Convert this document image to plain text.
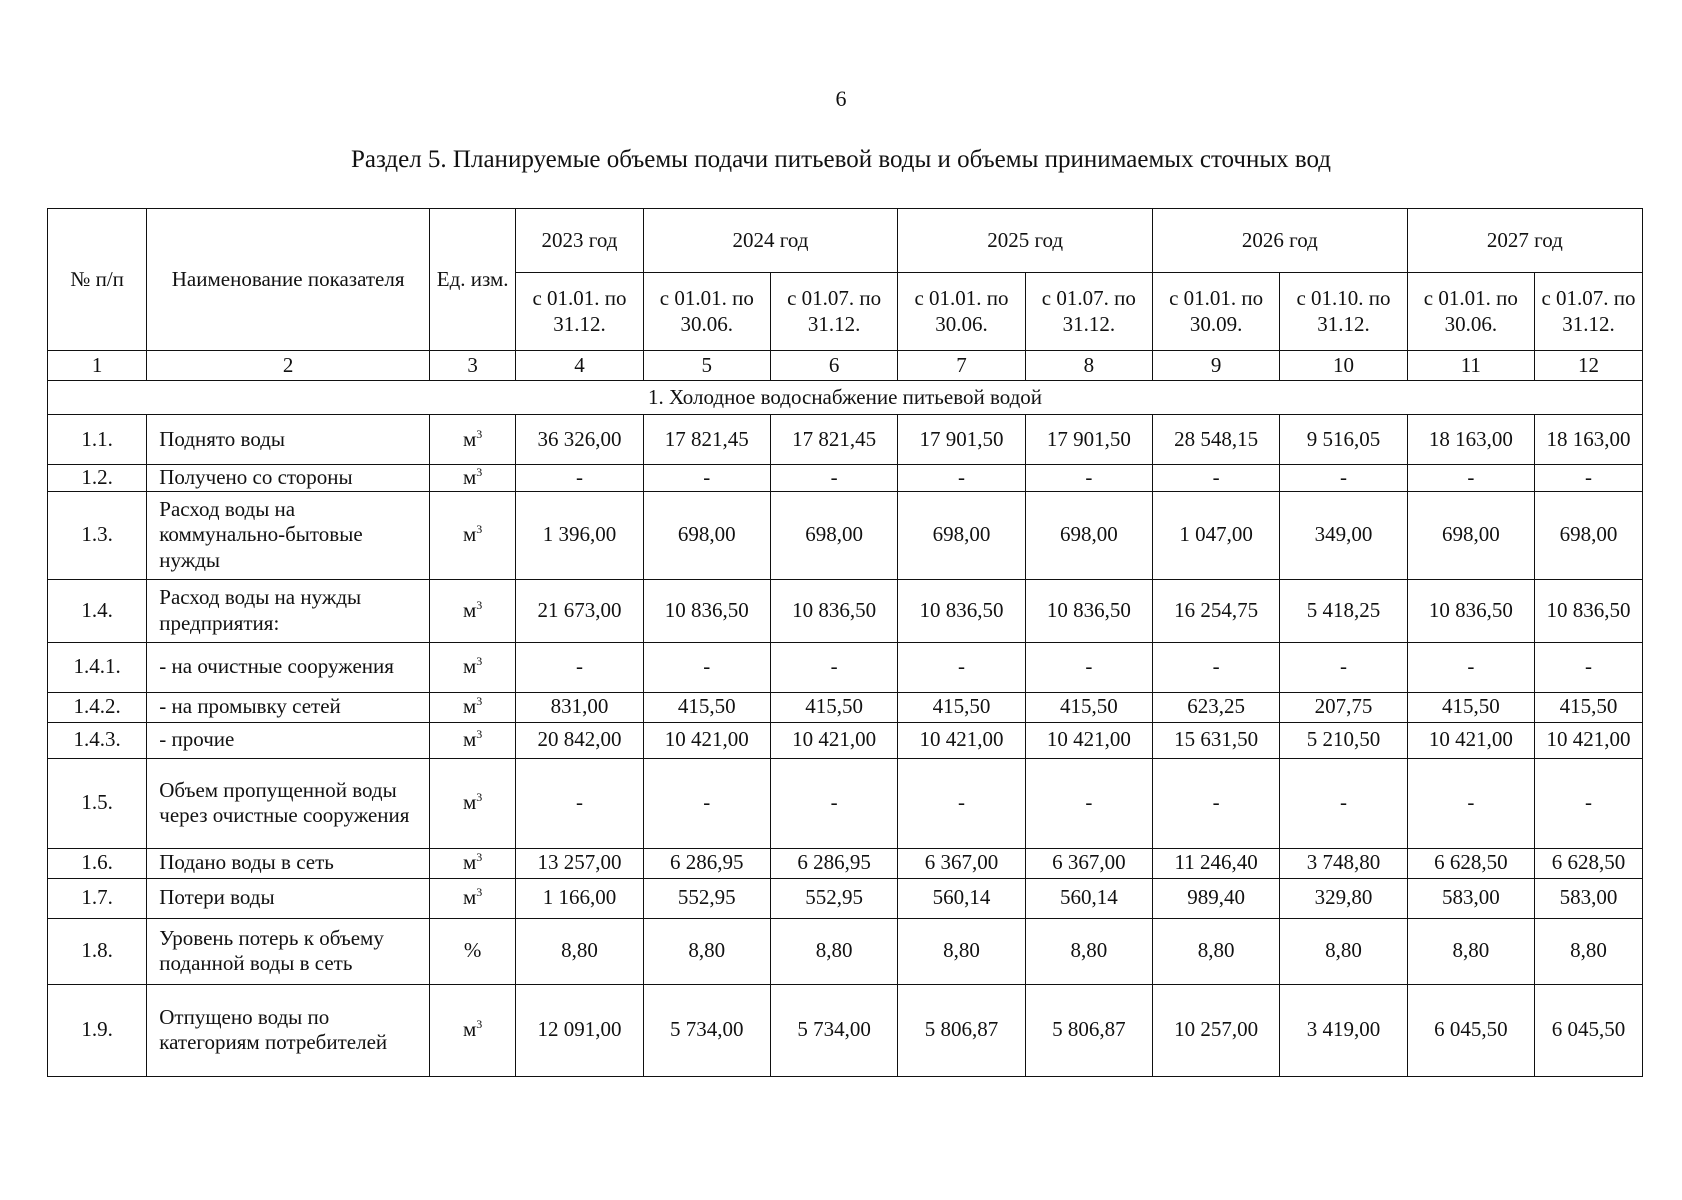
6
Раздел 5. Планируемые объемы подачи питьевой воды и объемы принимаемых сточных вод
№ п/п	Наименование показателя	Ед. изм.	2023 год	2024 год		2025 год		2026 год		2027 год	
			с 01.01. по 31.12.	с 01.01. по 30.06.	с 01.07. по 31.12.	с 01.01. по 30.06.	с 01.07. по 31.12.	с 01.01. по 30.09.	с 01.10. по 31.12.	с 01.01. по 30.06.	с 01.07. по 31.12.
1	2	3	4	5	6	7	8	9	10	11	12
1. Холодное водоснабжение питьевой водой											
1.1.	Поднято воды	$м^3$	36 326,00	17 821,45	17 821,45	17 901,50	17 901,50	28 548,15	9 516,05	18 163,00	18 163,00
1.2.	Получено со стороны	$м^3$	-	-	-	-	-	-	-	-	-
1.3.	Расход воды на коммунально-бытовые нужды	$м^3$	1 396,00	698,00	698,00	698,00	698,00	1 047,00	349,00	698,00	698,00
1.4.	Расход воды на нужды предприятия:	$м^3$	21 673,00	10 836,50	10 836,50	10 836,50	10 836,50	16 254,75	5 418,25	10 836,50	10 836,50
1.4.1.	- на очистные сооружения	$м^3$	-	-	-	-	-	-	-	-	-
1.4.2.	- на промывку сетей	$м^3$	831,00	415,50	415,50	415,50	415,50	623,25	207,75	415,50	415,50
1.4.3.	- прочие	$м^3$	20 842,00	10 421,00	10 421,00	10 421,00	10 421,00	15 631,50	5 210,50	10 421,00	10 421,00
1.5.	Объем пропущенной воды через очистные сооружения	$м^3$	-	-	-	-	-	-	-	-	-
1.6.	Подано воды в сеть	$м^3$	13 257,00	6 286,95	6 286,95	6 367,00	6 367,00	11 246,40	3 748,80	6 628,50	6 628,50
1.7.	Потери воды	$м^3$	1 166,00	552,95	552,95	560,14	560,14	989,40	329,80	583,00	583,00
1.8.	Уровень потерь к объему поданной воды в сеть	%	8,80	8,80	8,80	8,80	8,80	8,80	8,80	8,80	8,80
1.9.	Отпущено воды по категориям потребителей	$м^3$	12 091,00	5 734,00	5 734,00	5 806,87	5 806,87	10 257,00	3 419,00	6 045,50	6 045,50
